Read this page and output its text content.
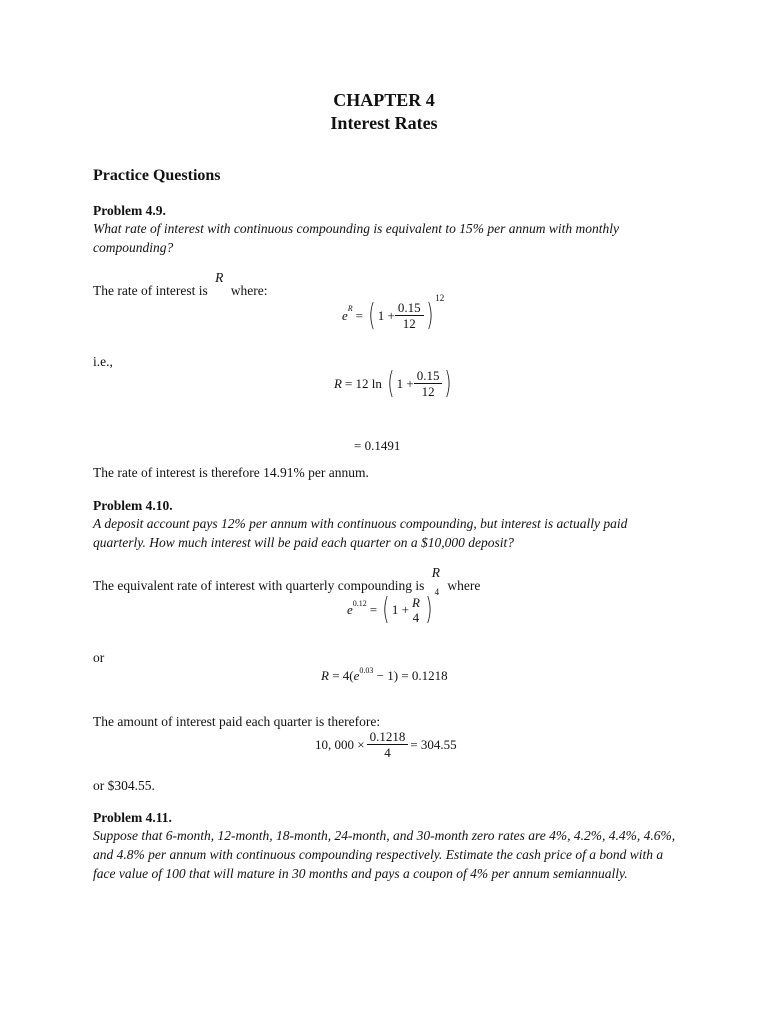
CHAPTER 4
Interest Rates
Practice Questions
Problem 4.9.
What rate of interest with continuous compounding is equivalent to 15% per annum with monthly compounding?
The rate of interest is R where:
e R = ( $1 + \frac{0.15}{12}$ ) 12
i.e.,
R = 12 ln ( $1 + \frac{0.15}{12}$ )
= 0.1491
The rate of interest is therefore 14.91% per annum.
Problem 4.10.
A deposit account pays 12% per annum with continuous compounding, but interest is actually paid quarterly. How much interest will be paid each quarter on a $10,000 deposit?
The equivalent rate of interest with quarterly compounding is R where
e 0.12 = ( 1 + R
4 ) 4
or
$R = 4(e^{0.03} - 1) = 0.1218$
The amount of interest paid each quarter is therefore:
10, $000 \times \frac{0.1218}{4} = 304.55$
or $304.55.
Problem 4.11.
Suppose that 6-month, 12-month, 18-month, 24-month, and 30-month zero rates are 4%, 4.2%, 4.4%, 4.6%, and 4.8% per annum with continuous compounding respectively. Estimate the cash price of a bond with a face value of 100 that will mature in 30 months and pays a coupon of 4% per annum semiannually.
